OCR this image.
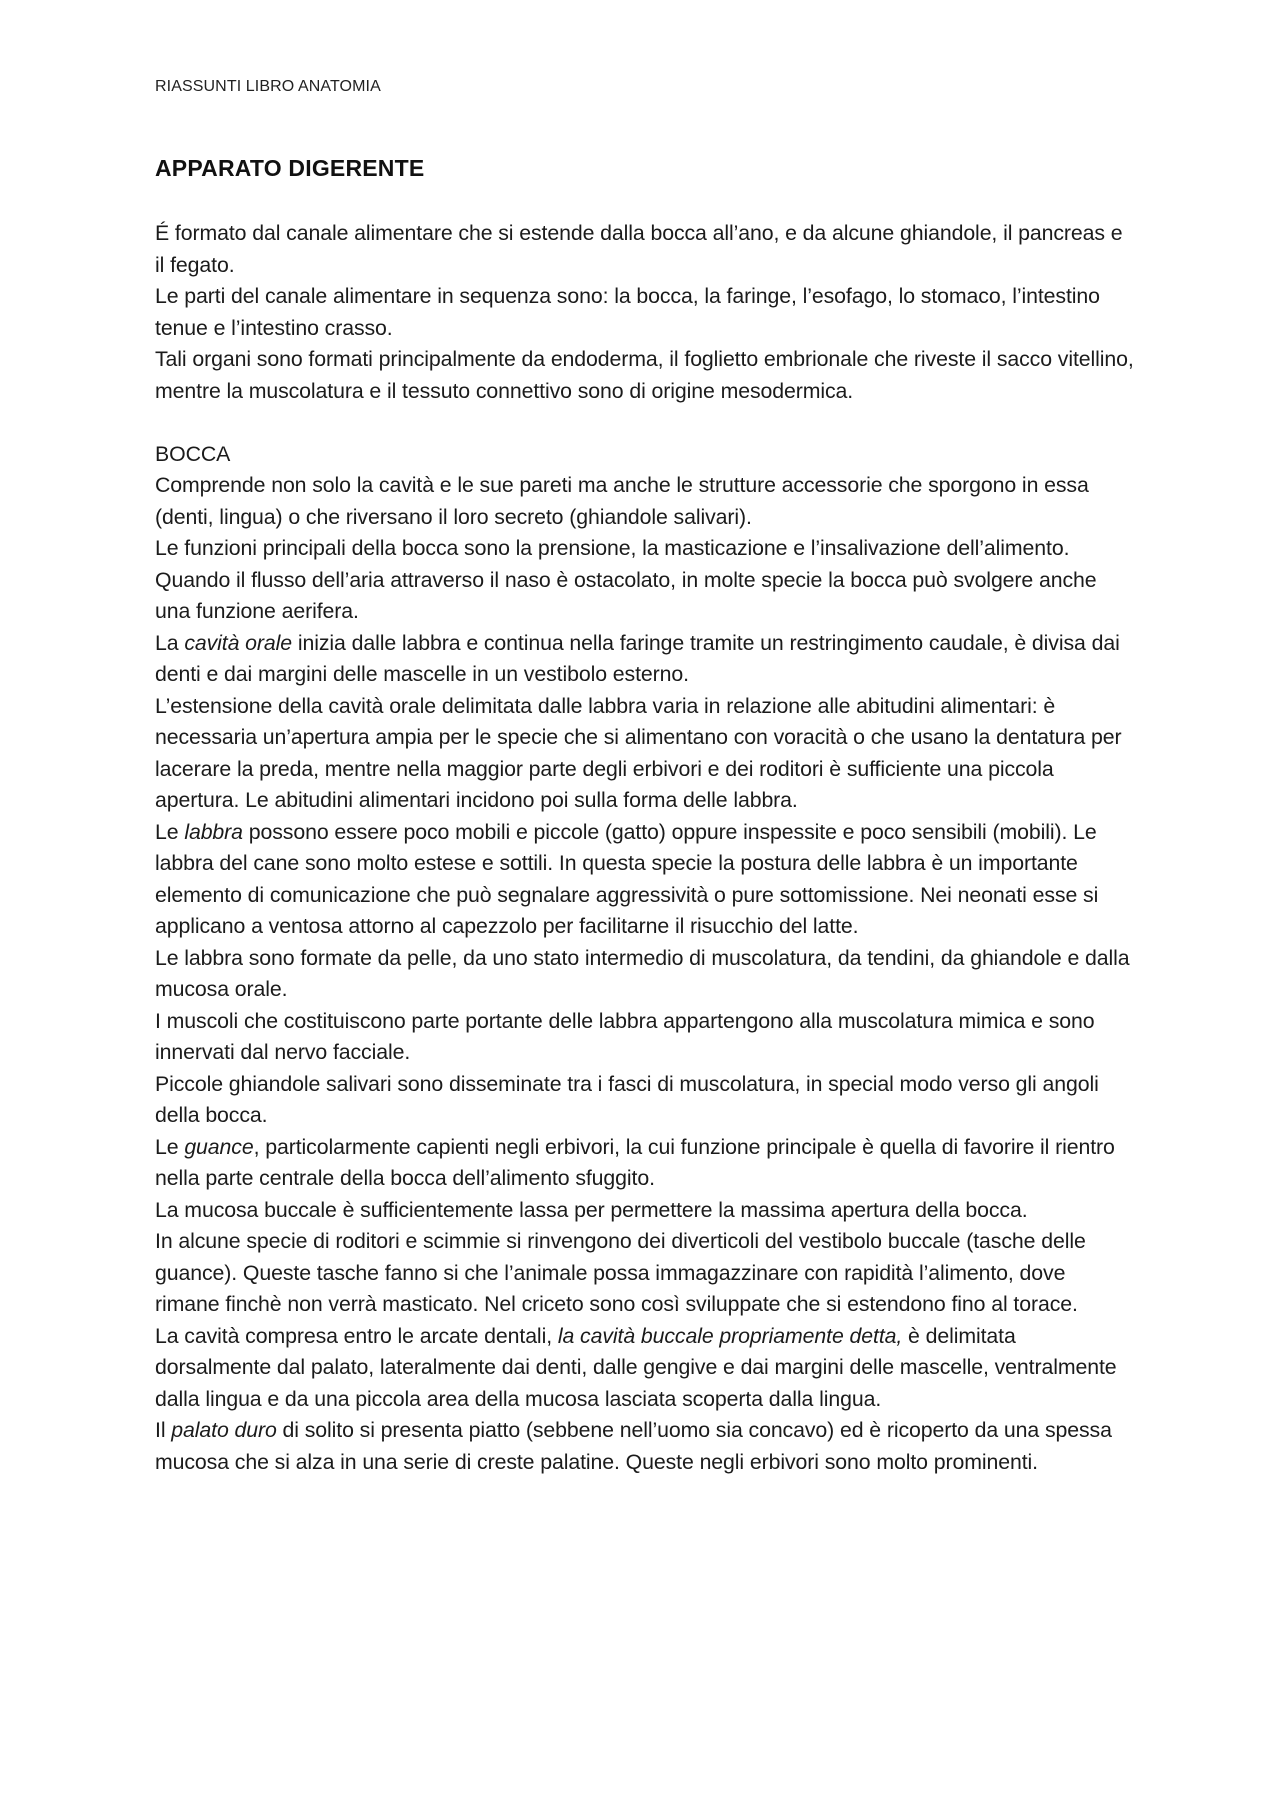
RIASSUNTI LIBRO ANATOMIA
APPARATO DIGERENTE

É formato dal canale alimentare che si estende dalla bocca all’ano, e da alcune ghiandole, il pancreas e il fegato.

Le parti del canale alimentare in sequenza sono: la bocca, la faringe, l’esofago, lo stomaco, l’intestino tenue e l’intestino crasso.

Tali organi sono formati principalmente da endoderma, il foglietto embrionale che riveste il sacco vitellino, mentre la muscolatura e il tessuto connettivo sono di origine mesodermica.

BOCCA

Comprende non solo la cavità e le sue pareti ma anche le strutture accessorie che sporgono in essa (denti, lingua) o che riversano il loro secreto (ghiandole salivari).

Le funzioni principali della bocca sono la prensione, la masticazione e l’insalivazione dell’alimento. Quando il flusso dell’aria attraverso il naso è ostacolato, in molte specie la bocca può svolgere anche una funzione aerifera.

La cavità orale inizia dalle labbra e continua nella faringe tramite un restringimento caudale, è divisa dai denti e dai margini delle mascelle in un vestibolo esterno.

L’estensione della cavità orale delimitata dalle labbra varia in relazione alle abitudini alimentari: è necessaria un’apertura ampia per le specie che si alimentano con voracità o che usano la dentatura per lacerare la preda, mentre nella maggior parte degli erbivori e dei roditori è sufficiente una piccola apertura. Le abitudini alimentari incidono poi sulla forma delle labbra.

Le labbra possono essere poco mobili e piccole (gatto) oppure inspessite e poco sensibili (mobili). Le labbra del cane sono molto estese e sottili. In questa specie la postura delle labbra è un importante elemento di comunicazione che può segnalare aggressività o pure sottomissione. Nei neonati esse si applicano a ventosa attorno al capezzolo per facilitarne il risucchio del latte.

Le labbra sono formate da pelle, da uno stato intermedio di muscolatura, da tendini, da ghiandole e dalla mucosa orale.

I muscoli che costituiscono parte portante delle labbra appartengono alla muscolatura mimica e sono innervati dal nervo facciale.

Piccole ghiandole salivari sono disseminate tra i fasci di muscolatura, in special modo verso gli angoli della bocca.

Le guance, particolarmente capienti negli erbivori, la cui funzione principale è quella di favorire il rientro nella parte centrale della bocca dell’alimento sfuggito.

La mucosa buccale è sufficientemente lassa per permettere la massima apertura della bocca.

In alcune specie di roditori e scimmie si rinvengono dei diverticoli del vestibolo buccale (tasche delle guance). Queste tasche fanno si che l’animale possa immagazzinare con rapidità l’alimento, dove rimane finchè non verrà masticato. Nel criceto sono così sviluppate che si estendono fino al torace.

La cavità compresa entro le arcate dentali, la cavità buccale propriamente detta, è delimitata dorsalmente dal palato, lateralmente dai denti, dalle gengive e dai margini delle mascelle, ventralmente dalla lingua e da una piccola area della mucosa lasciata scoperta dalla lingua.

Il palato duro di solito si presenta piatto (sebbene nell’uomo sia concavo) ed è ricoperto da una spessa mucosa che si alza in una serie di creste palatine. Queste negli erbivori sono molto prominenti.
